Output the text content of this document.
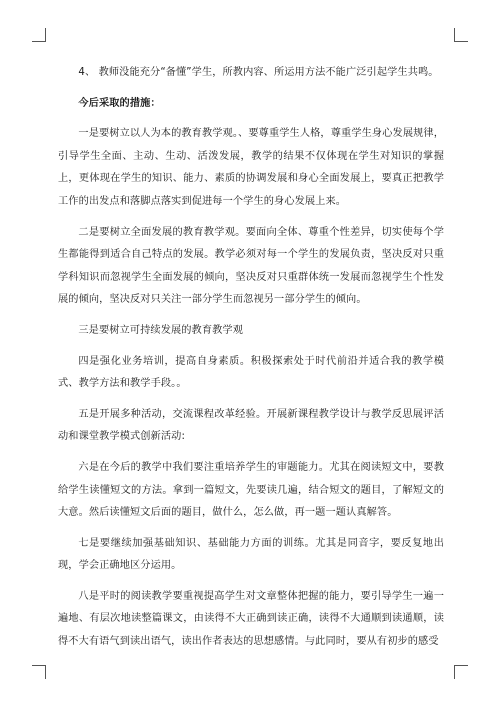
4、 教师没能充分“备懂”学生，所教内容、所运用方法不能广泛引起学生共鸣。

今后采取的措施：

一是要树立以人为本的教育教学观。、要尊重学生人格，尊重学生身心发展规律，引导学生全面、主动、生动、活泼发展，教学的结果不仅体现在学生对知识的掌握上，更体现在学生的知识、能力、素质的协调发展和身心全面发展上，要真正把教学工作的出发点和落脚点落实到促进每一个学生的身心发展上来。

二是要树立全面发展的教育教学观。要面向全体、尊重个性差异，切实使每个学生都能得到适合自己特点的发展。教学必须对每一个学生的发展负责，坚决反对只重学科知识而忽视学生全面发展的倾向，坚决反对只重群体统一发展而忽视学生个性发展的倾向，坚决反对只关注一部分学生而忽视另一部分学生的倾向。

三是要树立可持续发展的教育教学观

四是强化业务培训，提高自身素质。积极探索处于时代前沿并适合我的教学模式、教学方法和教学手段。。

五是开展多种活动，交流课程改革经验。开展新课程教学设计与教学反思展评活动和课堂教学模式创新活动:

六是在今后的教学中我们要注重培养学生的审题能力。尤其在阅读短文中，要教给学生读懂短文的方法。拿到一篇短文，先要读几遍，结合短文的题目，了解短文的大意。然后读懂短文后面的题目，做什么，怎么做，再一题一题认真解答。

七是要继续加强基础知识、基础能力方面的训练。尤其是同音字，要反复地出现，学会正确地区分运用。

八是平时的阅读教学要重视提高学生对文章整体把握的能力，要引导学生一遍一遍地、有层次地读整篇课文，由读得不大正确到读正确，读得不大通顺到读通顺，读得不大有语气到读出语气，读出作者表达的思想感情。与此同时，要从有初步的感受
